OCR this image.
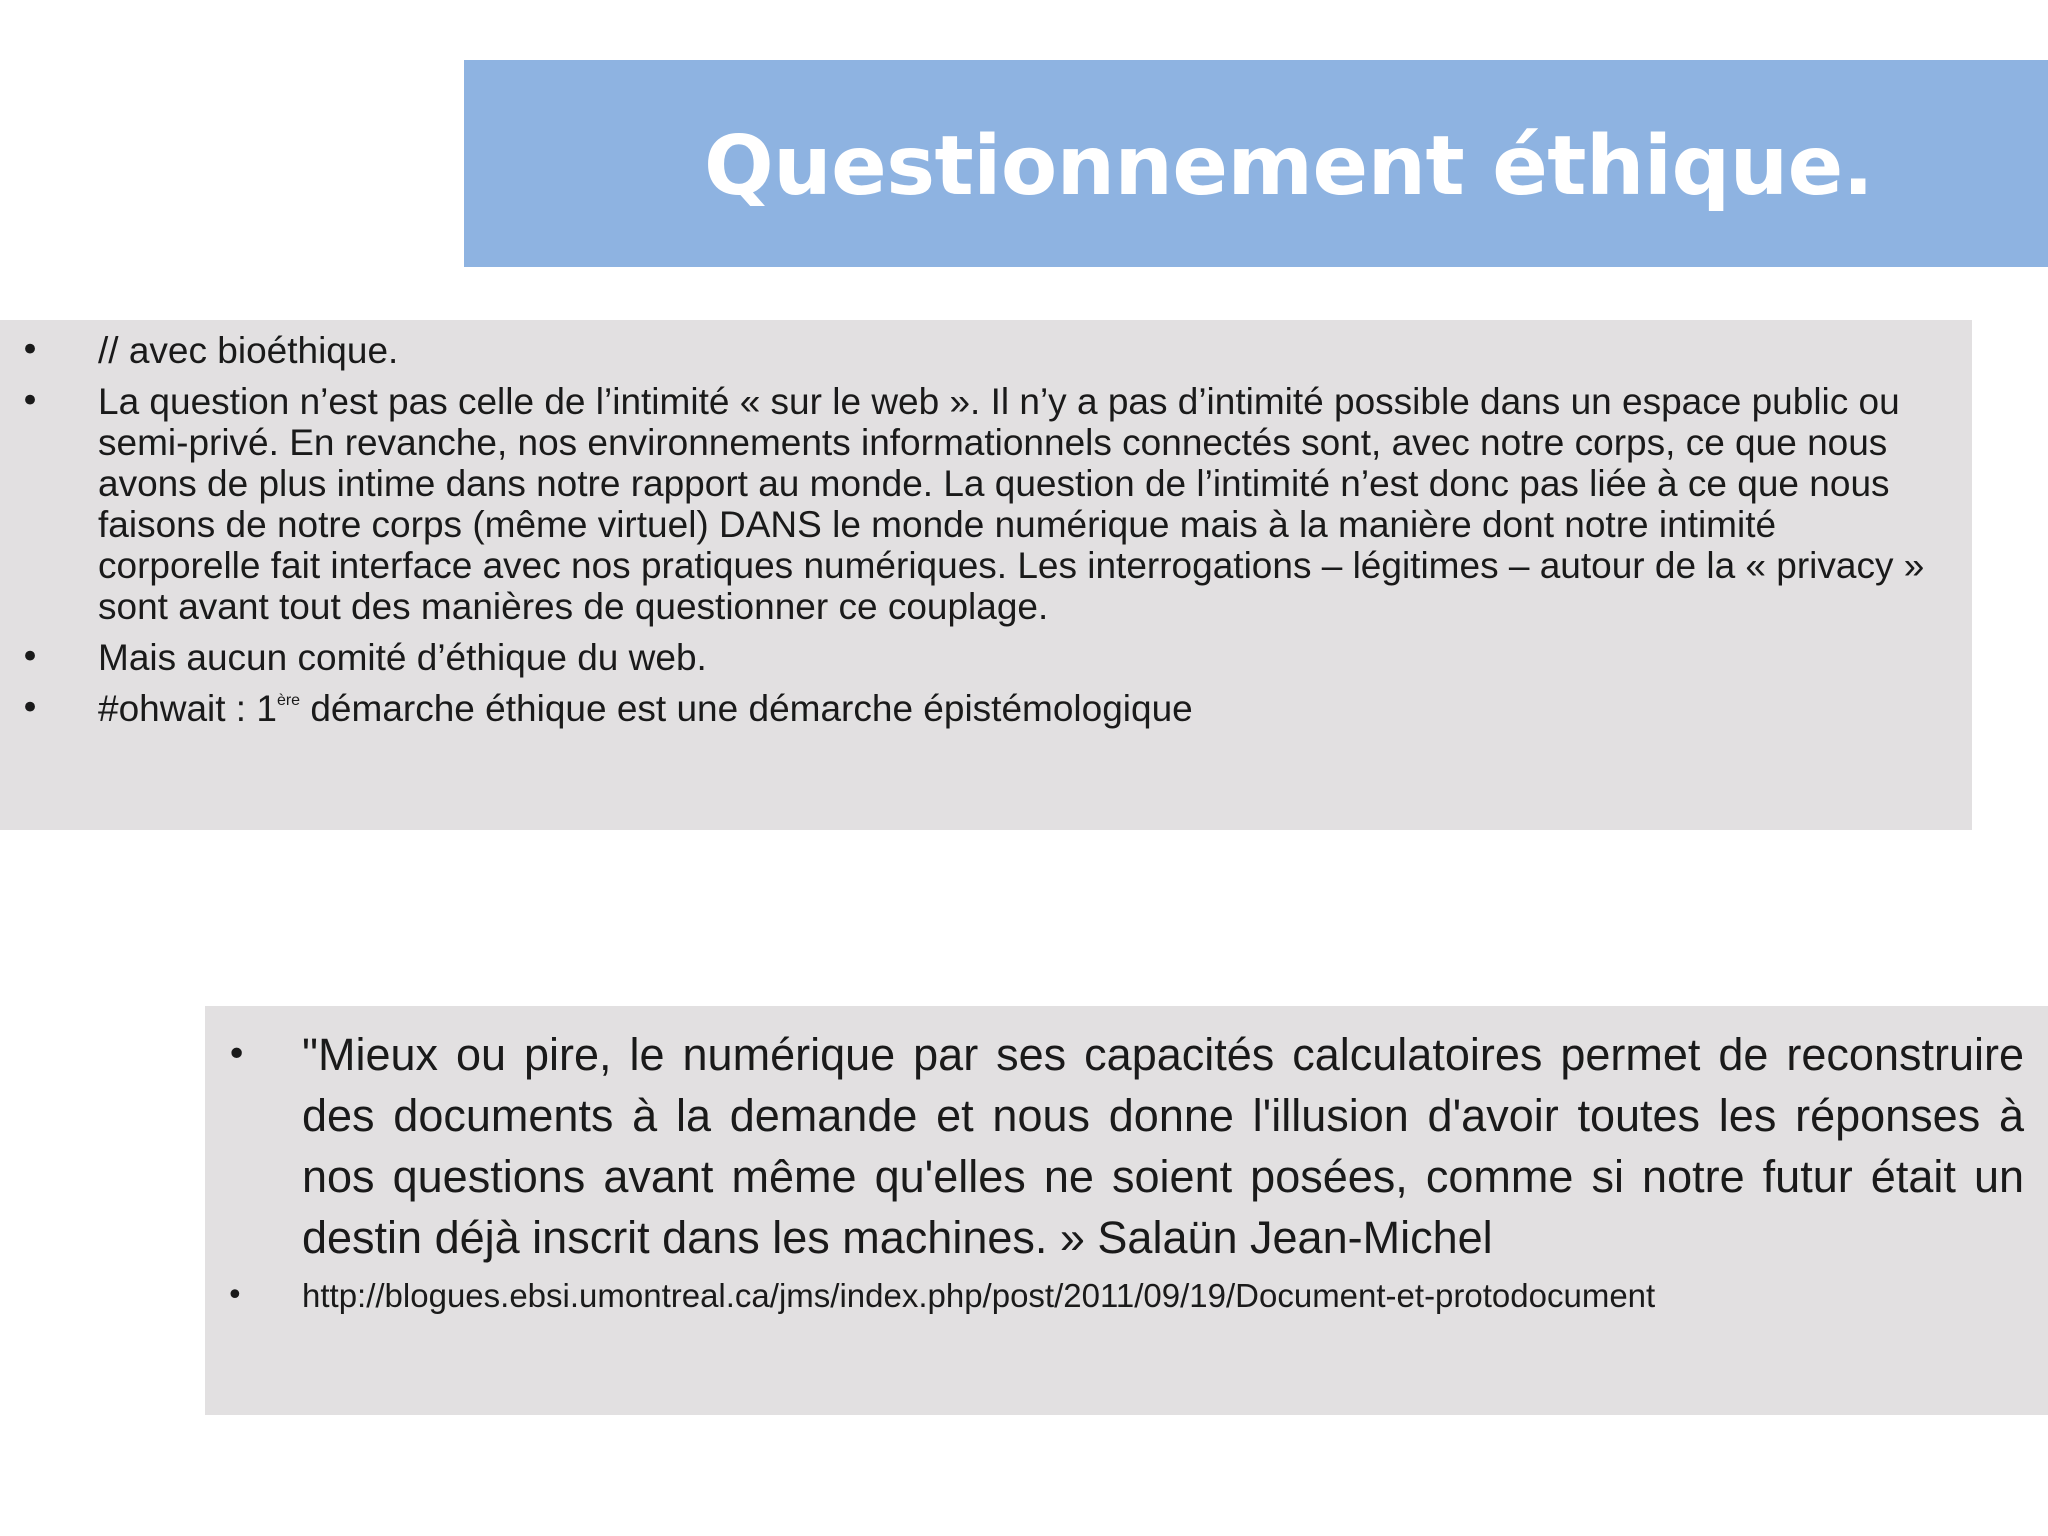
Questionnement éthique.
• // avec bioéthique.
• La question n’est pas celle de l’intimité « sur le web ». Il n’y a pas d’intimité possible dans un espace public ou semi-privé. En revanche, nos environnements informationnels connectés sont, avec notre corps, ce que nous avons de plus intime dans notre rapport au monde. La question de l’intimité n’est donc pas liée à ce que nous faisons de notre corps (même virtuel) DANS le monde numérique mais à la manière dont notre intimité corporelle fait interface avec nos pratiques numériques. Les interrogations – légitimes – autour de la « privacy » sont avant tout des manières de questionner ce couplage.
• Mais aucun comité d’éthique du web.
• #ohwait : 1ère démarche éthique est une démarche épistémologique
• "Mieux ou pire, le numérique par ses capacités calculatoires permet de reconstruire des documents à la demande et nous donne l'illusion d'avoir toutes les réponses à nos questions avant même qu'elles ne soient posées, comme si notre futur était un destin déjà inscrit dans les machines. » Salaün Jean-Michel
• http://blogues.ebsi.umontreal.ca/jms/index.php/post/2011/09/19/Document-et-protodocument
